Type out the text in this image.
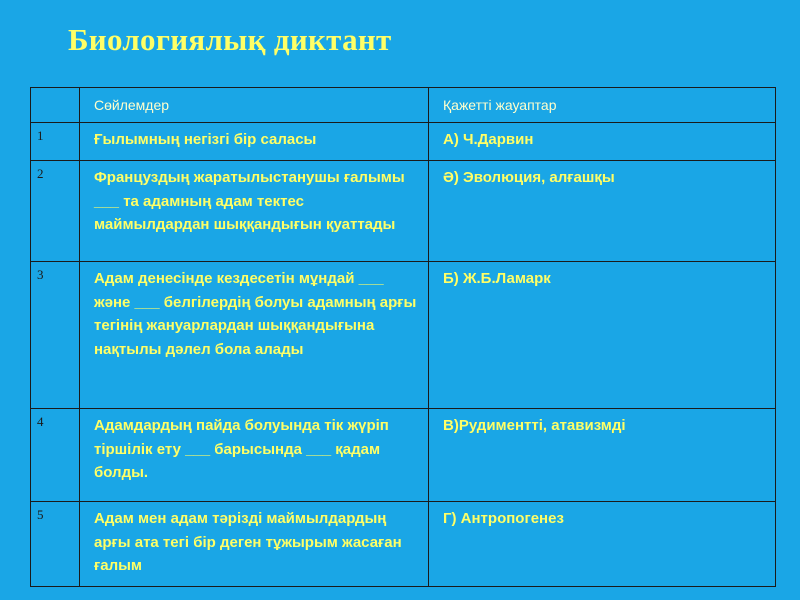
Биологиялық диктант

	Сөйлемдер	Қажетті жауаптар

1	Ғылымның негізгі бір саласы	А) Ч.Дарвин

2	Француздың жаратылыстанушы ғалымы ___ та адамның адам тектес маймылдардан шыққандығын қуаттады	Ә) Эволюция, алғашқы

3	Адам денесінде кездесетін мұндай ___ және ___ белгілердің болуы адамның арғы тегінің жануарлардан шыққандығына нақтылы дәлел бола алады	Б) Ж.Б.Ламарк

4	Адамдардың пайда болуында тік жүріп тіршілік ету ___ барысында ___ қадам болды.	В)Рудиментті, атавизмді

5	Адам мен адам тәрізді маймылдардың арғы ата тегі бір деген тұжырым жасаған ғалым	Г) Антропогенез
